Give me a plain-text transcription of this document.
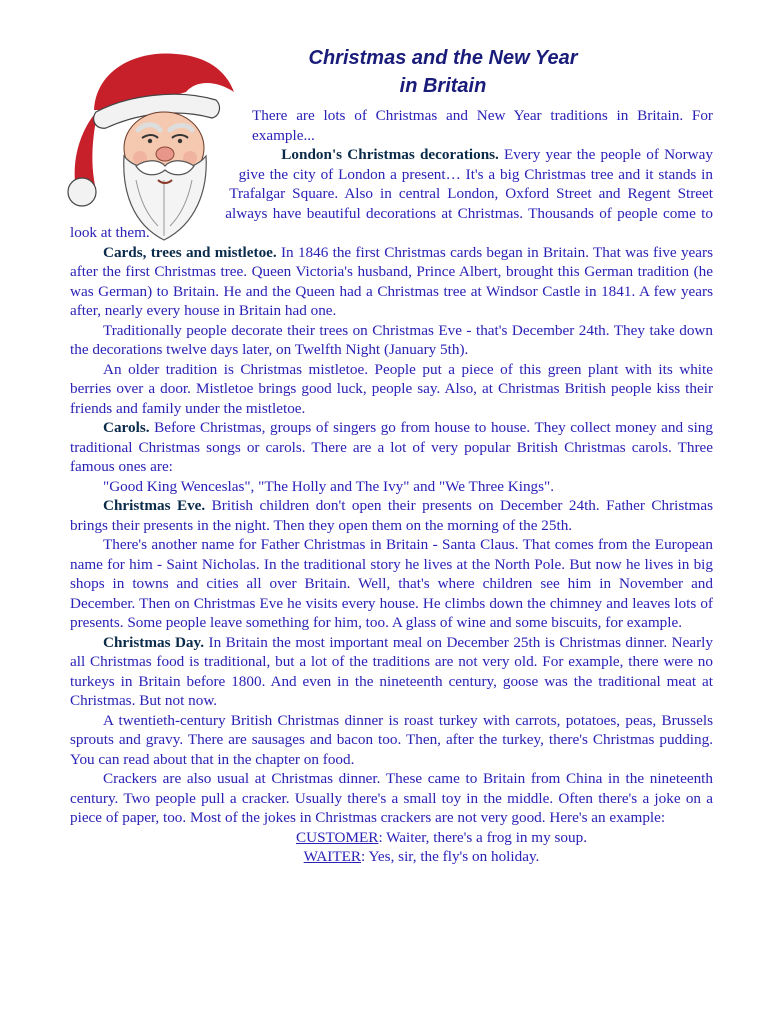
Christmas and the New Year
in Britain

There are lots of Christmas and New Year traditions in Britain. For example...

London's Christmas decorations. Every year the people of Norway give the city of London a present… It's a big Christmas tree and it stands in Trafalgar Square. Also in central London, Oxford Street and Regent Street always have beautiful decorations at Christmas. Thousands of people come to look at them.

Cards, trees and mistletoe. In 1846 the first Christmas cards began in Britain. That was five years after the first Christmas tree. Queen Victoria's husband, Prince Albert, brought this German tradition (he was German) to Britain. He and the Queen had a Christmas tree at Windsor Castle in 1841. A few years after, nearly every house in Britain had one.

Traditionally people decorate their trees on Christmas Eve - that's December 24th. They take down the decorations twelve days later, on Twelfth Night (January 5th).

An older tradition is Christmas mistletoe. People put a piece of this green plant with its white berries over a door. Mistletoe brings good luck, people say. Also, at Christmas British people kiss their friends and family under the mistletoe.

Carols. Before Christmas, groups of singers go from house to house. They collect money and sing traditional Christmas songs or carols. There are a lot of very popular British Christmas carols. Three famous ones are:

"Good King Wenceslas", "The Holly and The Ivy" and "We Three Kings".

Christmas Eve. British children don't open their presents on December 24th. Father Christmas brings their presents in the night. Then they open them on the morning of the 25th.

There's another name for Father Christmas in Britain - Santa Claus. That comes from the European name for him - Saint Nicholas. In the traditional story he lives at the North Pole. But now he lives in big shops in towns and cities all over Britain. Well, that's where children see him in November and December. Then on Christmas Eve he visits every house. He climbs down the chimney and leaves lots of presents. Some people leave something for him, too. A glass of wine and some biscuits, for example.

Christmas Day. In Britain the most important meal on December 25th is Christmas dinner. Nearly all Christmas food is traditional, but a lot of the traditions are not very old. For example, there were no turkeys in Britain before 1800. And even in the nineteenth century, goose was the traditional meat at Christmas. But not now.

A twentieth-century British Christmas dinner is roast turkey with carrots, potatoes, peas, Brussels sprouts and gravy. There are sausages and bacon too. Then, after the turkey, there's Christmas pudding. You can read about that in the chapter on food.

Crackers are also usual at Christmas dinner. These came to Britain from China in the nineteenth century. Two people pull a cracker. Usually there's a small toy in the middle. Often there's a joke on a piece of paper, too. Most of the jokes in Christmas crackers are not very good. Here's an example:

CUSTOMER: Waiter, there's a frog in my soup.
WAITER: Yes, sir, the fly's on holiday.
